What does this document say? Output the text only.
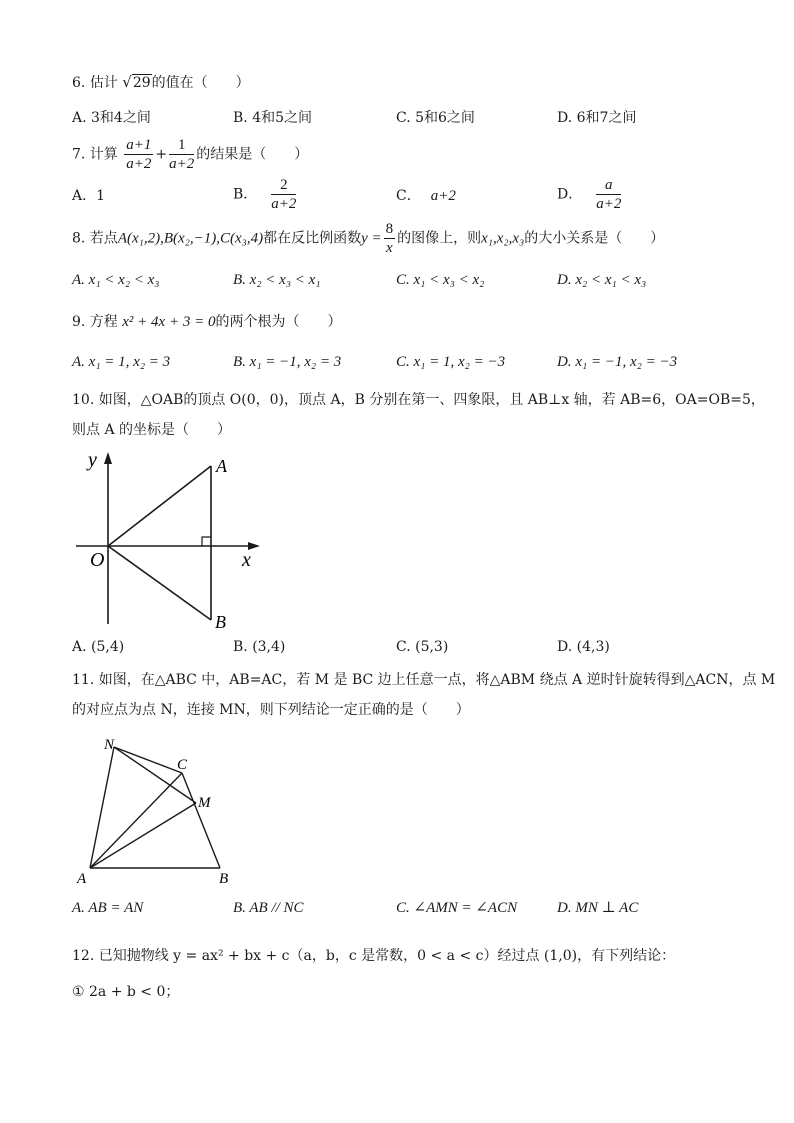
6. 估计 √29的值在（　　）
A. 3和4之间	B. 4和5之间	C. 5和6之间	D. 6和7之间
7. 计算 $\frac{a+1}{a+2} + \frac{1}{a+2}$ 的结果是（　　）
A．1	B． $\frac{2}{a+2}$	C． a+2	D． $\frac{a}{a+2}$
8. 若点A(x₁,2),B(x₂,−1),C(x₃,4)都在反比例函数$y = \frac{8}{x}$ 的图像上，则x₁,x₂,x₃的大小关系是（　　）
A. x₁ < x₂ < x₃	B. x₂ < x₃ < x₁	C. x₁ < x₃ < x₂	D. x₂ < x₁ < x₃
9. 方程 x² + 4x + 3 = 0的两个根为（　　）
A. x₁ = 1, x₂ = 3	B. x₁ = −1, x₂ = 3	C. x₁ = 1, x₂ = −3	D. x₁ = −1, x₂ = −3
10. 如图，△OAB的顶点 O(0，0)，顶点 A，B 分别在第一、四象限，且 AB⊥x 轴，若 AB=6，OA=OB=5，
则点 A 的坐标是（　　）
y
x
O
A
B
A. (5,4)	B. (3,4)	C. (5,3)	D. (4,3)
11. 如图，在△ABC 中，AB=AC，若 M 是 BC 边上任意一点，将△ABM 绕点 A 逆时针旋转得到△ACN，点 M
的对应点为点 N，连接 MN，则下列结论一定正确的是（　　）
N
C
M
A	B
A. AB = AN	B. AB // NC	C. ∠AMN = ∠ACN	D. MN ⊥ AC
12. 已知抛物线 y = ax² + bx + c（a，b，c 是常数，0 < a < c）经过点 (1,0)，有下列结论：
① 2a + b < 0；
